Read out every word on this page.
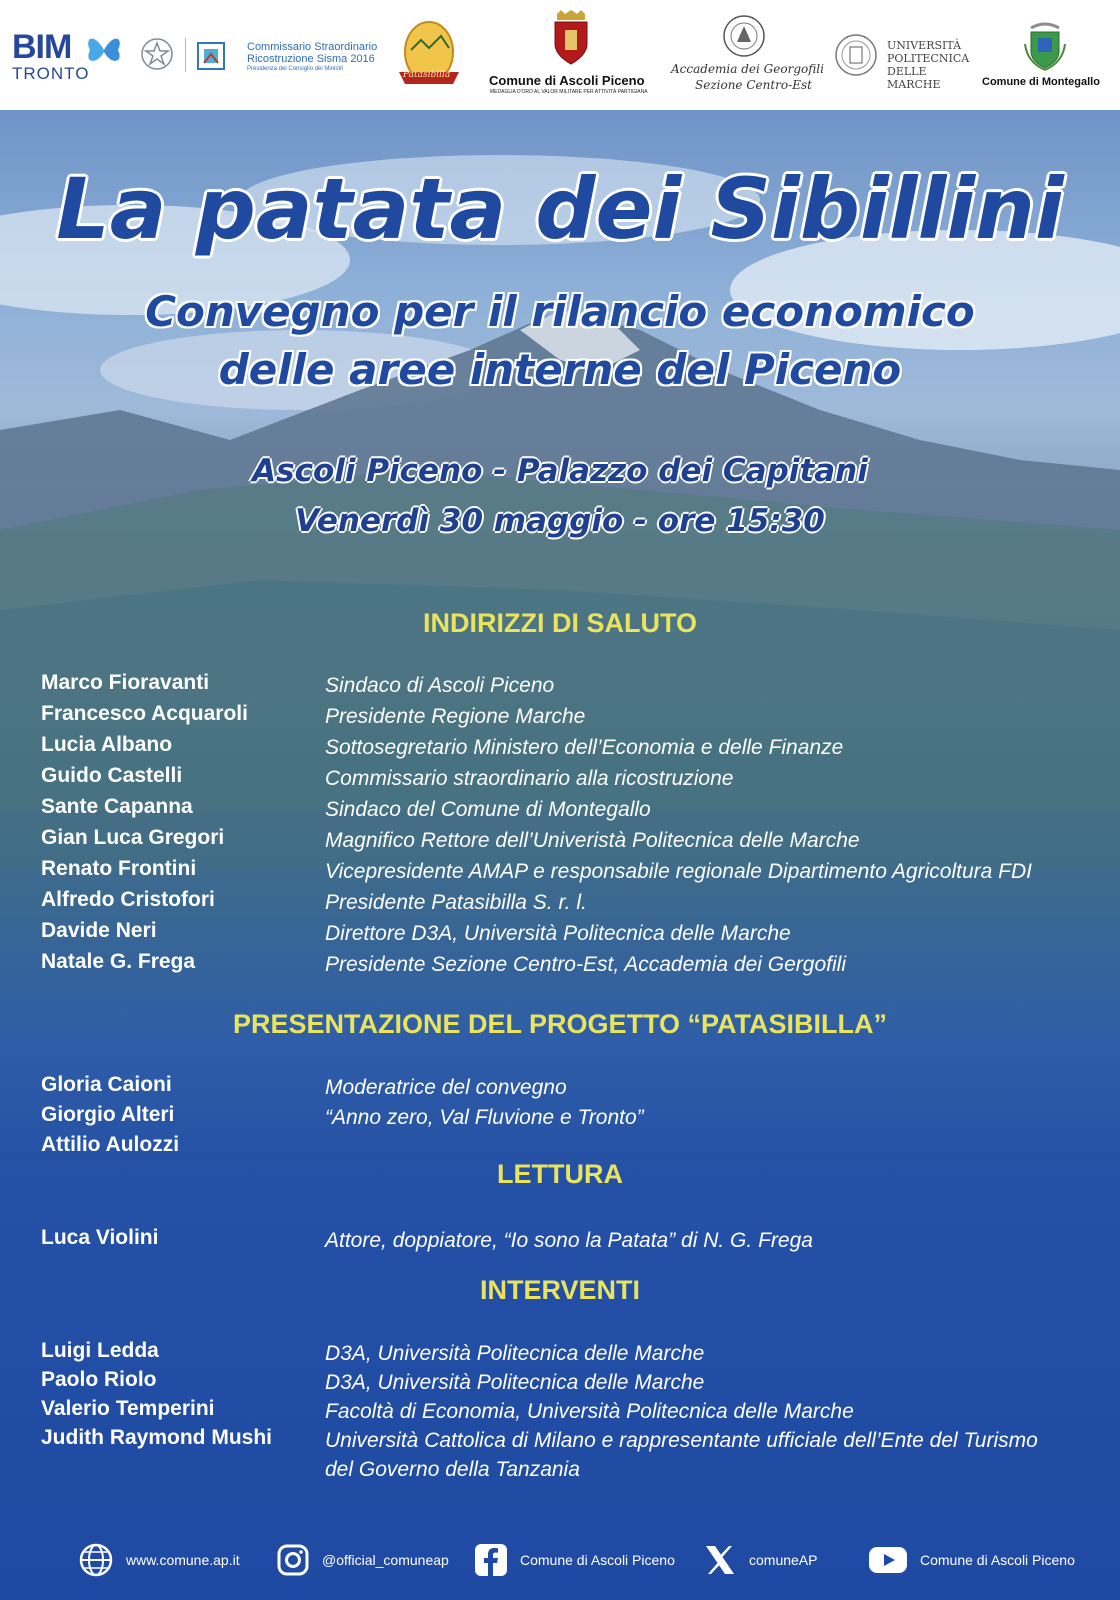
BIM
TRONTO
Commissario Straordinario
Ricostruzione Sisma 2016
Presidenza del Consiglio dei Ministri
Patasibilla	Comune di Ascoli Piceno
MEDAGLIA D'ORO AL VALOR MILITARE PER ATTIVITÀ PARTIGIANA
Accademia dei Georgofili
Sezione Centro-Est
UNIVERSITÀ
POLITECNICA
DELLE MARCHE	Comune di Montegallo
La patata dei Sibillini
Convegno per il rilancio economico
delle aree interne del Piceno
Ascoli Piceno - Palazzo dei Capitani
Venerdì 30 maggio - ore 15:30
INDIRIZZI DI SALUTO
Marco Fioravanti	Sindaco di Ascoli Piceno
Francesco Acquaroli	Presidente Regione Marche
Lucia Albano	Sottosegretario Ministero dell’Economia e delle Finanze
Guido Castelli	Commissario straordinario alla ricostruzione
Sante Capanna	Sindaco del Comune di Montegallo
Gian Luca Gregori	Magnifico Rettore dell’Univeristà Politecnica delle Marche
Renato Frontini	Vicepresidente AMAP e responsabile regionale Dipartimento Agricoltura FDI
Alfredo Cristofori	Presidente Patasibilla S. r. l.
Davide Neri	Direttore D3A, Università Politecnica delle Marche
Natale G. Frega	Presidente Sezione Centro-Est, Accademia dei Gergofili
PRESENTAZIONE DEL PROGETTO “PATASIBILLA”
Gloria Caioni	Moderatrice del convegno
Giorgio Alteri	“Anno zero, Val Fluvione e Tronto”
Attilio Aulozzi
LETTURA
Luca Violini	Attore, doppiatore, “Io sono la Patata” di N. G. Frega
INTERVENTI
Luigi Ledda	D3A, Università Politecnica delle Marche
Paolo Riolo	D3A, Università Politecnica delle Marche
Valerio Temperini	Facoltà di Economia, Università Politecnica delle Marche
Judith Raymond Mushi	Università Cattolica di Milano e rappresentante ufficiale dell’Ente del Turismo del Governo della Tanzania
www.comune.ap.it	@official_comuneap	Comune di Ascoli Piceno	comuneAP	Comune di Ascoli Piceno
